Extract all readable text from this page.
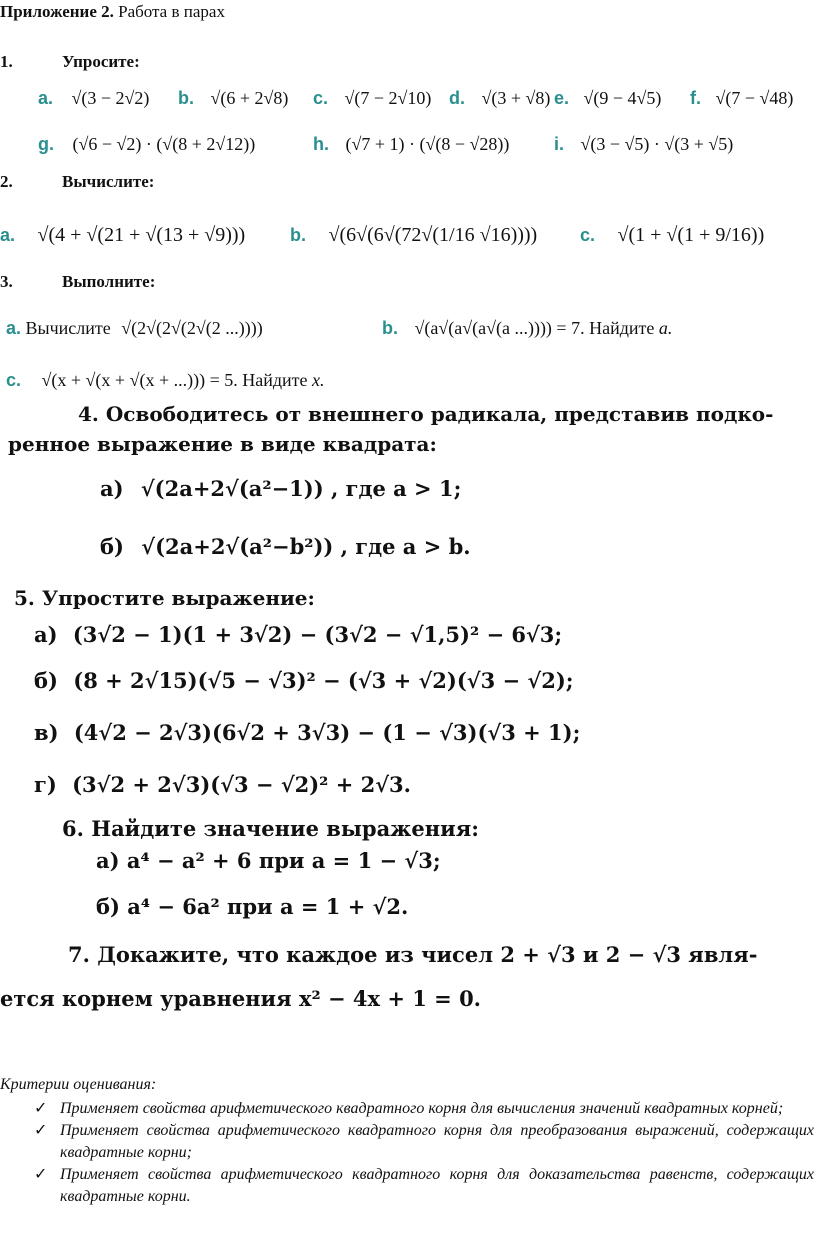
Приложение 2. Работа в парах
1.	Упросите:
a. √(3 − 2√2) b. √(6 + 2√8) c. √(7 − 2√10) d. √(3 + √8) e. √(9 − 4√5) f. √(7 − √48)
g. (√6 − √2) · (√(8 + 2√12))	h. (√7 + 1) · (√(8 − √28)) i. √(3 − √5) · √(3 + √5)
2.	Вычислите:
a. √(4 + √(21 + √(13 + √9))) b. √(6√(6√(72√(1/16 √16)))) c. √(1 + √(1 + 9/16))
3.	Выполните:
a. Вычислите √(2√(2√(2√(2 ...))))	b. √(a√(a√(a√(a ...)))) = 7. Найдите a.
c. √(x + √(x + √(x + ...))) = 5. Найдите x.
4. Освободитесь от внешнего радикала, представив подко-
ренное выражение в виде квадрата:
а) √(2a+2√(a²−1)) , где a > 1;
б) √(2a+2√(a²−b²)) , где a > b.
5. Упростите выражение:
а) (3√2 − 1)(1 + 3√2) − (3√2 − √1,5)² − 6√3;
б) (8 + 2√15)(√5 − √3)² − (√3 + √2)(√3 − √2);
в) (4√2 − 2√3)(6√2 + 3√3) − (1 − √3)(√3 + 1);
г) (3√2 + 2√3)(√3 − √2)² + 2√3.
6. Найдите значение выражения:
а) a⁴ − a² + 6 при a = 1 − √3;
б) a⁴ − 6a² при a = 1 + √2.
7. Докажите, что каждое из чисел 2 + √3 и 2 − √3 явля-
ется корнем уравнения x² − 4x + 1 = 0.
Критерии оценивания:
✓ Применяет свойства арифметического квадратного корня для вычисления значений квадратных корней;
✓ Применяет свойства арифметического квадратного корня для преобразования выражений, содержащих квадратные корни;
✓ Применяет свойства арифметического квадратного корня для доказательства равенств, содержащих квадратные корни.
